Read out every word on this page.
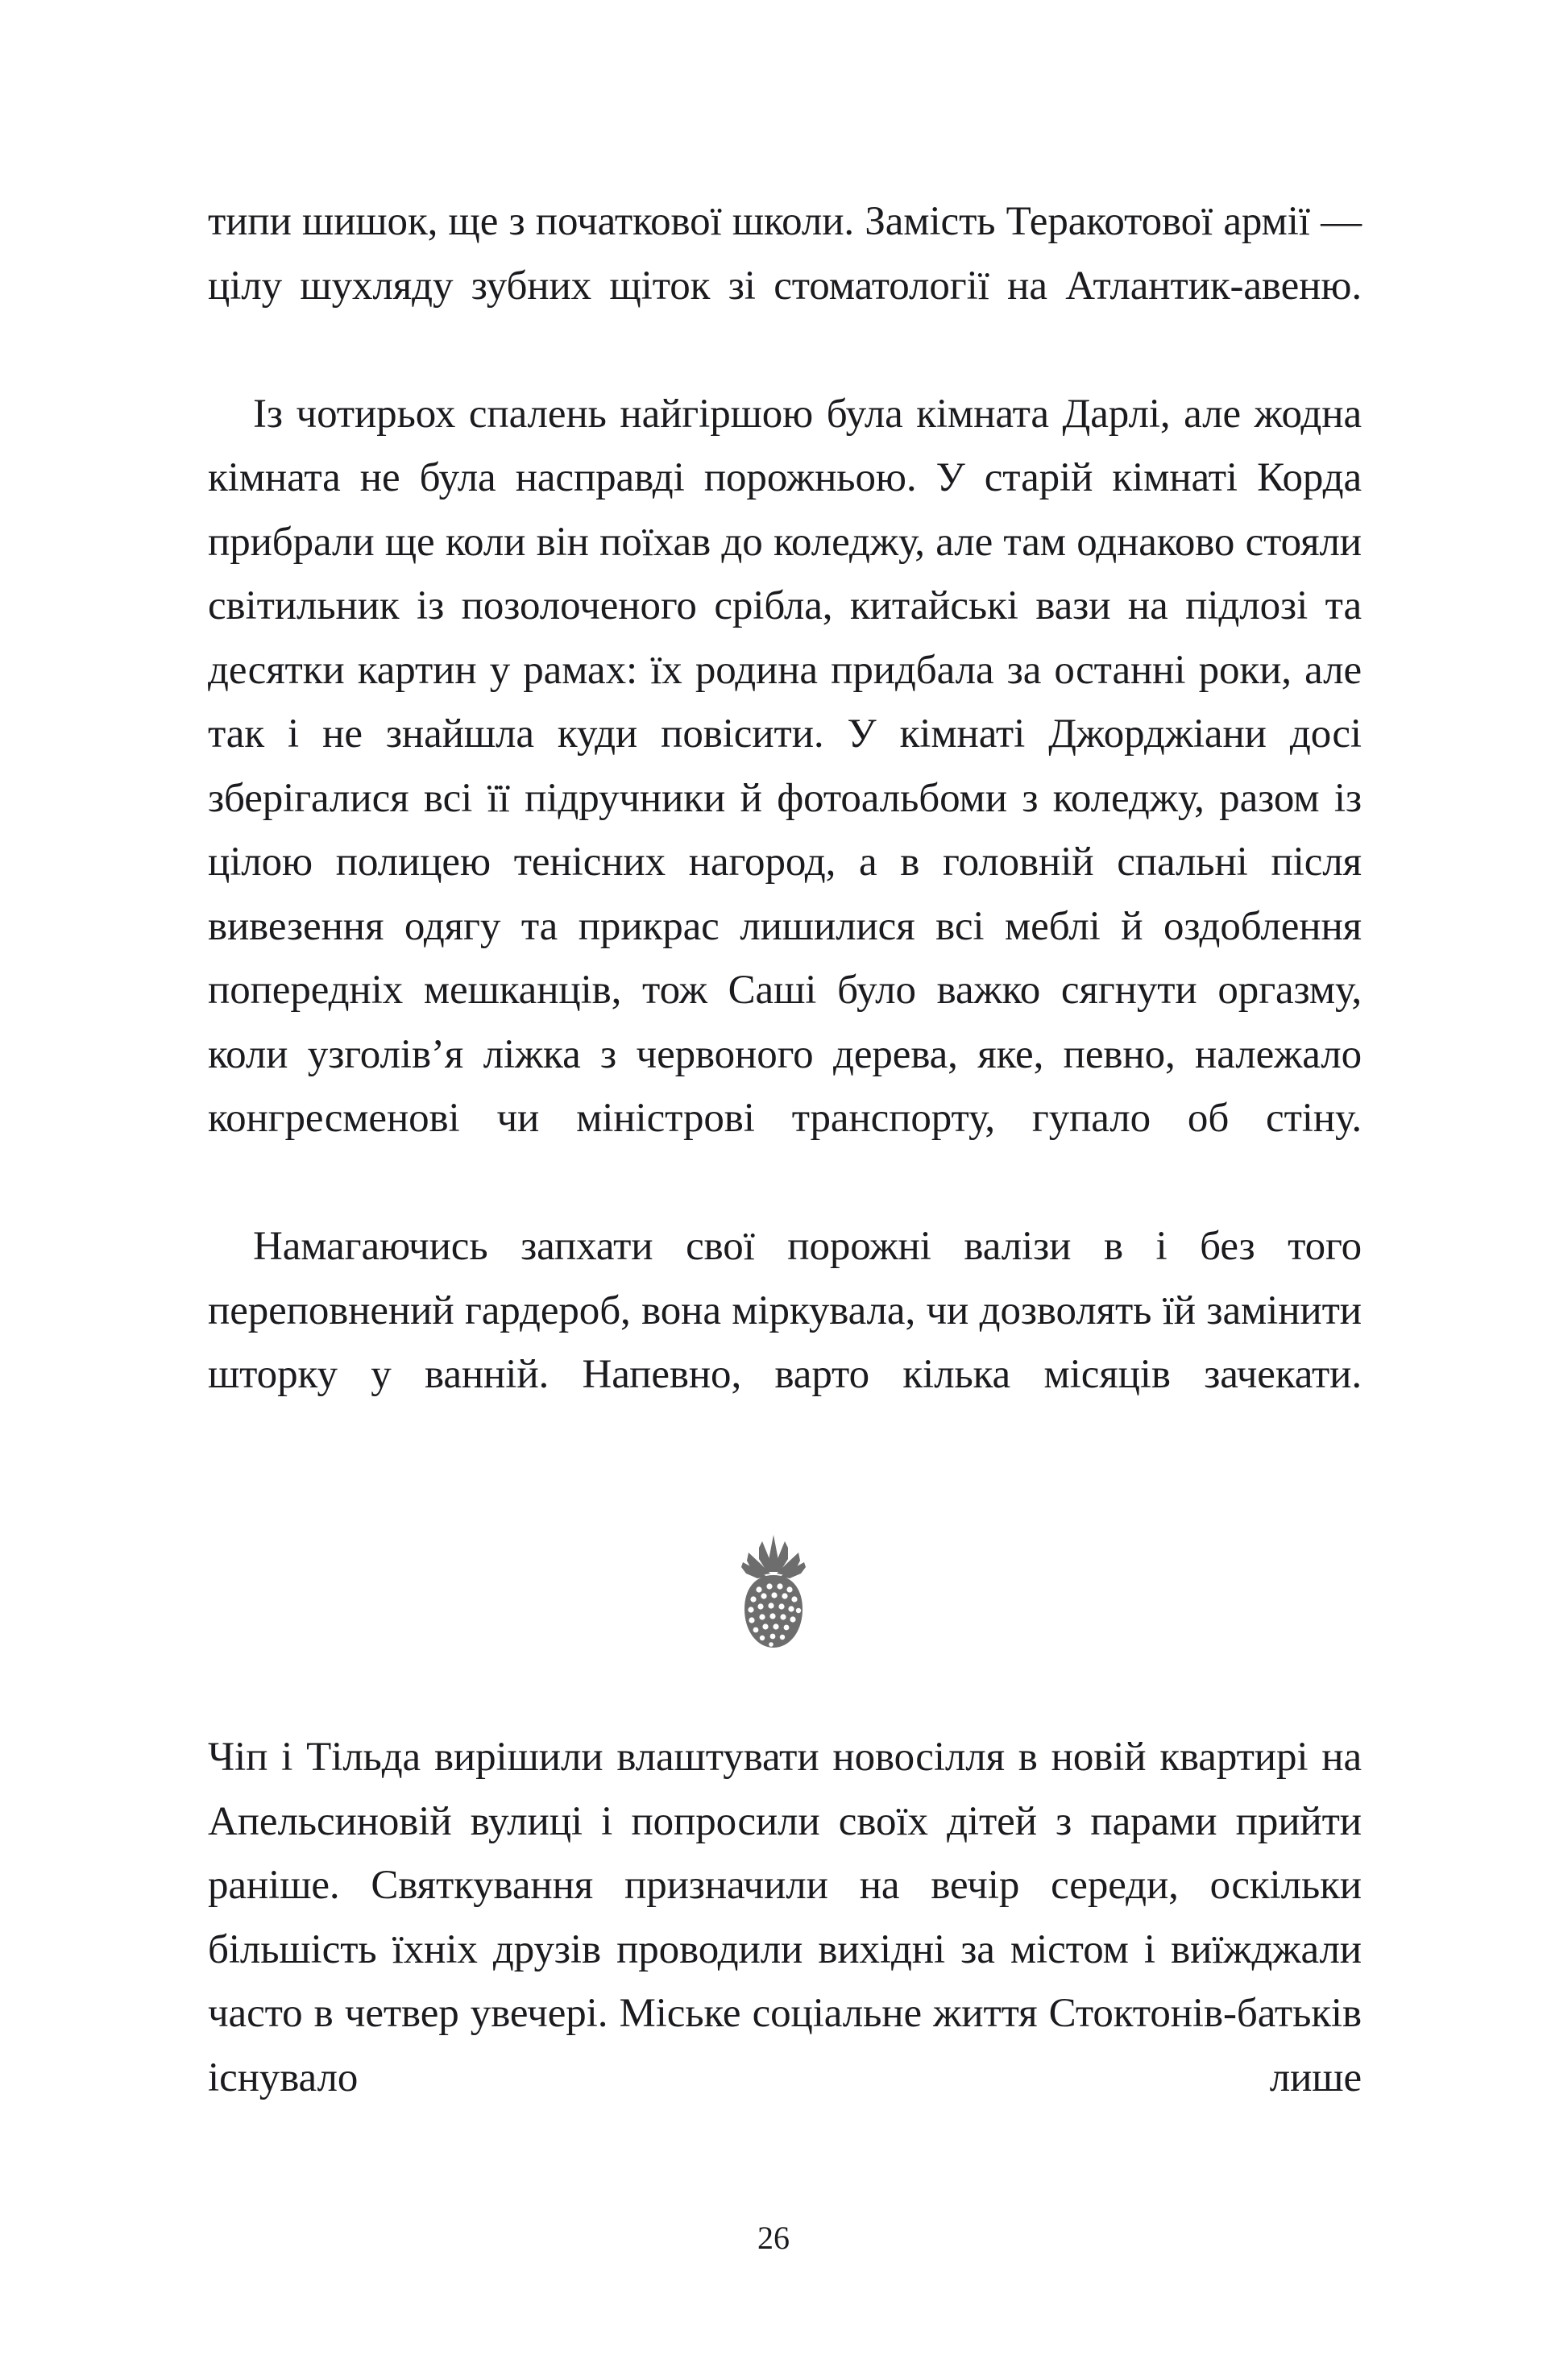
типи шишок, ще з початкової школи. Замість Теракотової армії — цілу шухляду зубних щіток зі стоматології на Атлантик-авеню.

Із чотирьох спалень найгіршою була кімната Дарлі, але жодна кімната не була насправді порожньою. У старій кімнаті Корда прибрали ще коли він поїхав до коледжу, але там однаково стояли світильник із позолоченого срібла, китайські вази на підлозі та десятки картин у рамах: їх родина придбала за останні роки, але так і не знайшла куди повісити. У кімнаті Джорджіани досі зберігалися всі її підручники й фотоальбоми з коледжу, разом із цілою полицею тенісних нагород, а в головній спальні після вивезення одягу та прикрас лишилися всі меблі й оздоблення попередніх мешканців, тож Саші було важко сягнути оргазму, коли узголів’я ліжка з червоного дерева, яке, певно, належало конгресменові чи міністрові транспорту, гупало об стіну.

Намагаючись запхати свої порожні валізи в і без того переповнений гардероб, вона міркувала, чи дозволять їй замінити шторку у ванній. Напевно, варто кілька місяців зачекати.

Чіп і Тільда вирішили влаштувати новосілля в новій квартирі на Апельсиновій вулиці і попросили своїх дітей з парами прийти раніше. Святкування призначили на вечір середи, оскільки більшість їхніх друзів проводили вихідні за містом і виїжджали часто в четвер увечері. Міське соціальне життя Стоктонів-батьків існувало лише

26
